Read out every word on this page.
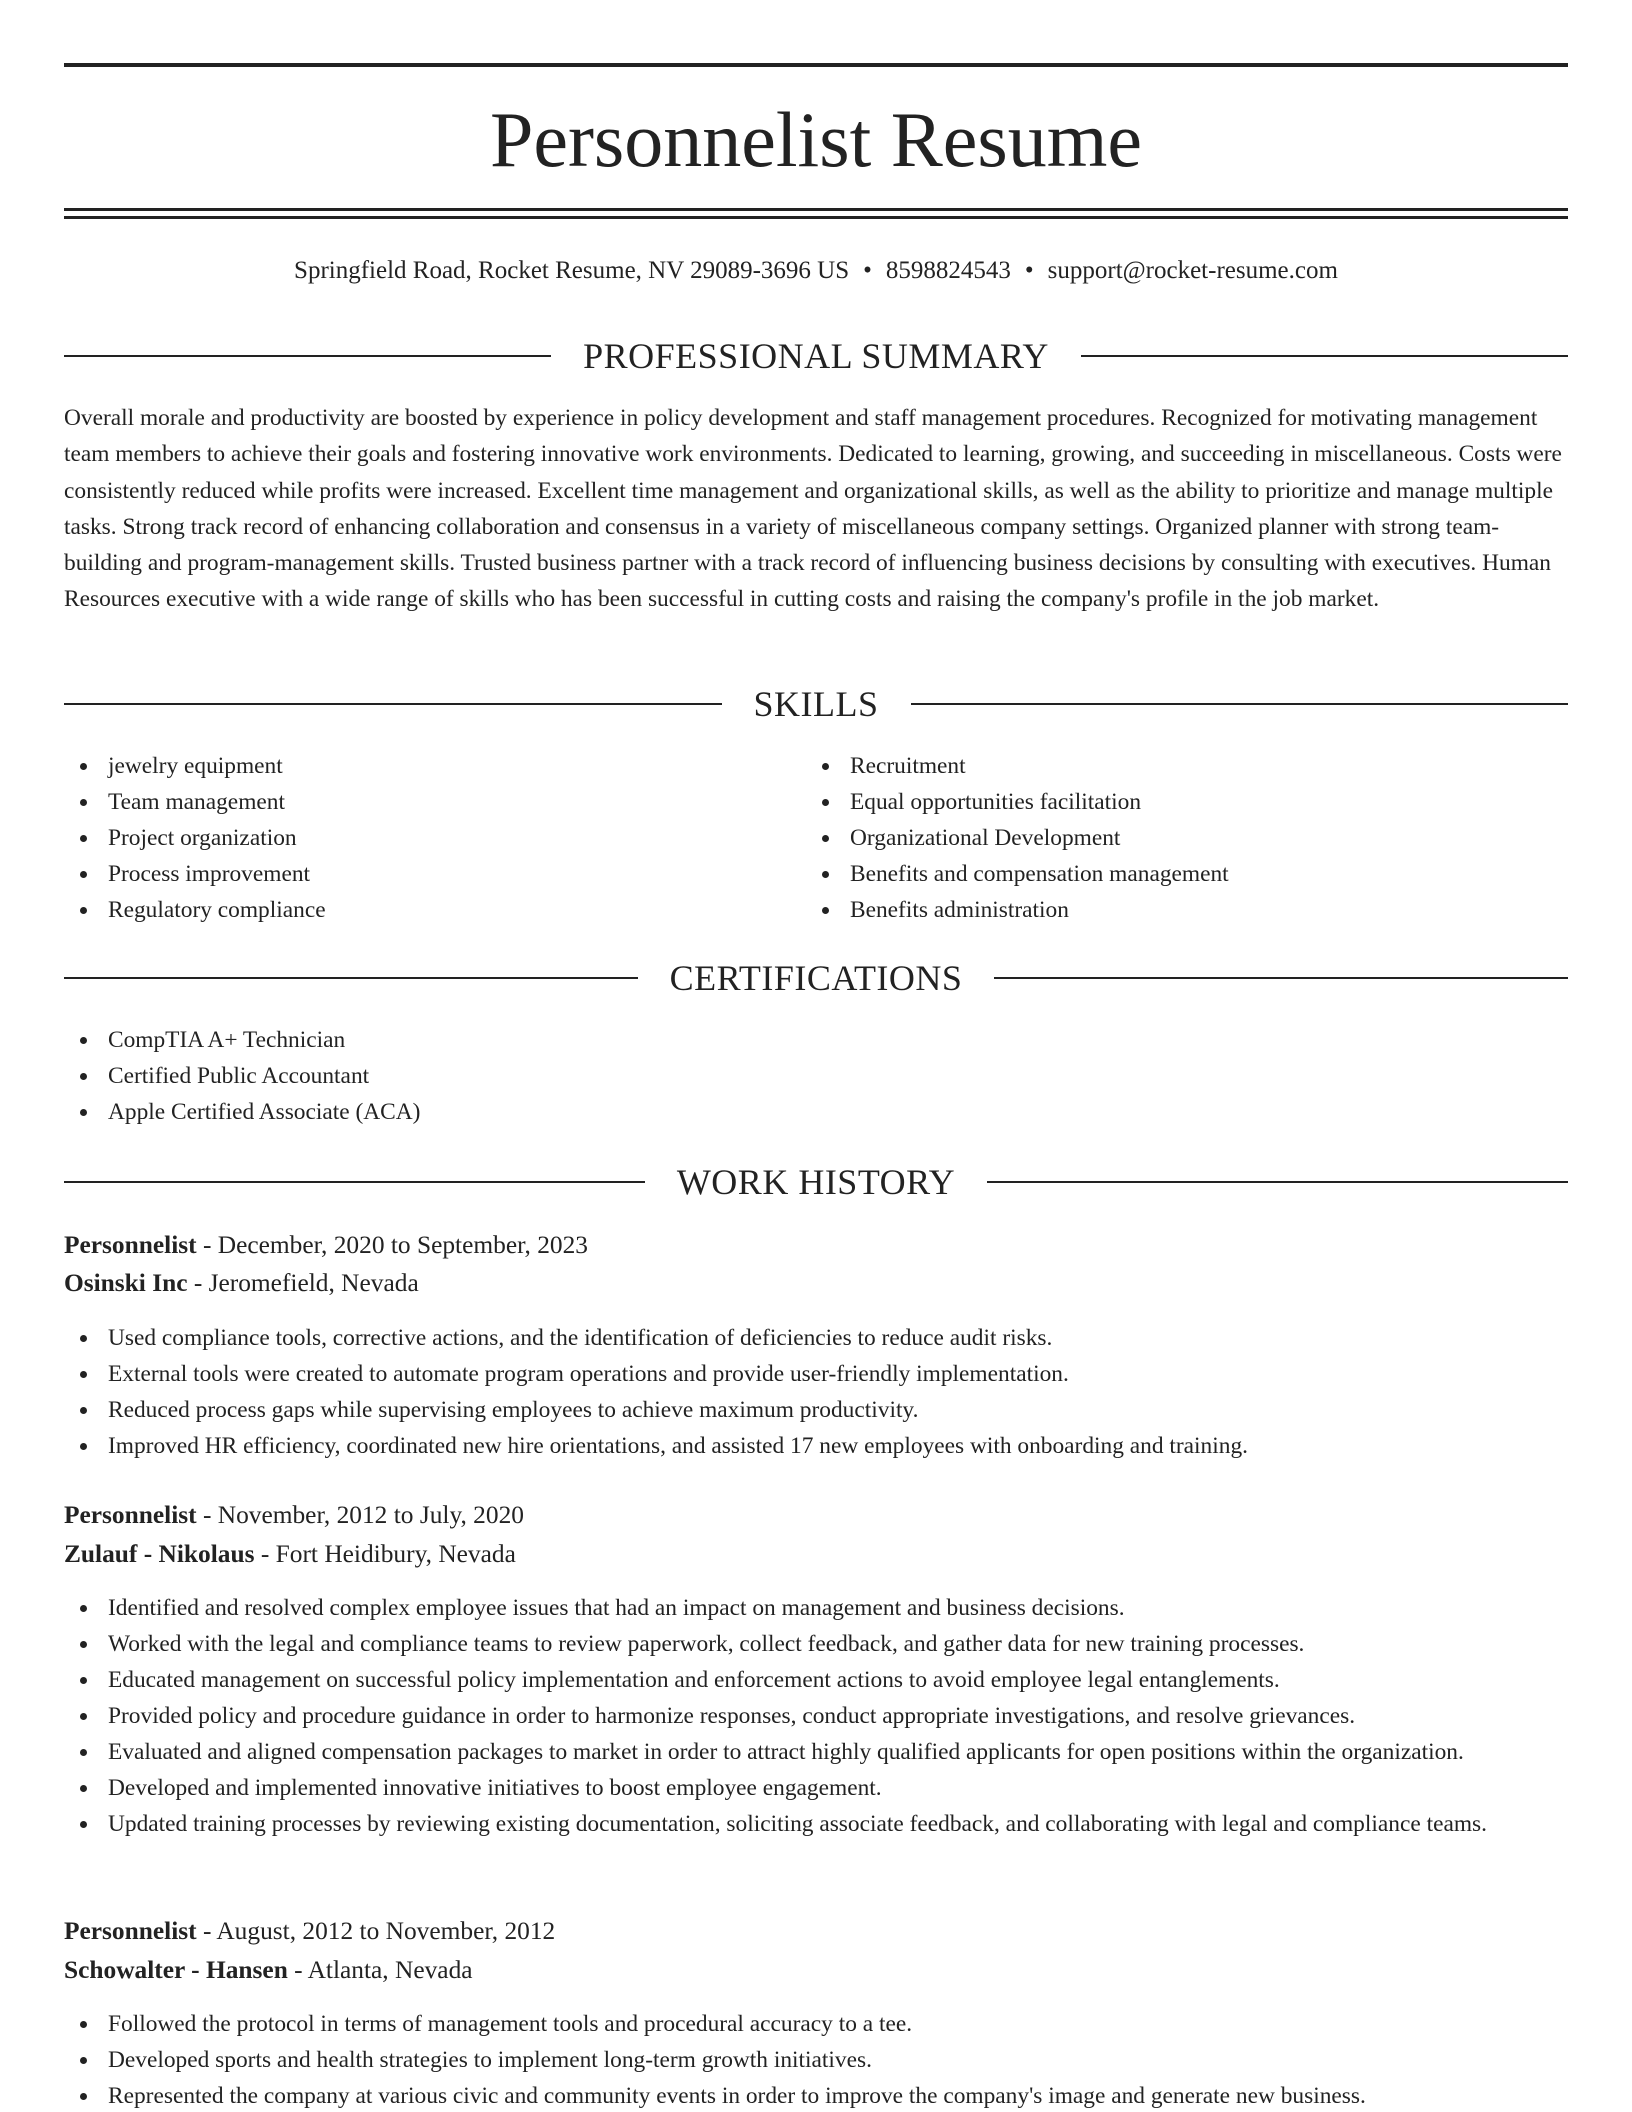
Personnelist Resume
Springfield Road, Rocket Resume, NV 29089-3696 US • 8598824543 • support@rocket-resume.com
PROFESSIONAL SUMMARY

Overall morale and productivity are boosted by experience in policy development and staff management procedures. Recognized for motivating management team members to achieve their goals and fostering innovative work environments. Dedicated to learning, growing, and succeeding in miscellaneous. Costs were consistently reduced while profits were increased. Excellent time management and organizational skills, as well as the ability to prioritize and manage multiple tasks. Strong track record of enhancing collaboration and consensus in a variety of miscellaneous company settings. Organized planner with strong team-building and program-management skills. Trusted business partner with a track record of influencing business decisions by consulting with executives. Human Resources executive with a wide range of skills who has been successful in cutting costs and raising the company's profile in the job market.

SKILLS
jewelry equipment
Team management
Project organization
Process improvement
Regulatory compliance
Recruitment
Equal opportunities facilitation
Organizational Development
Benefits and compensation management
Benefits administration
CERTIFICATIONS
CompTIA A+ Technician
Certified Public Accountant
Apple Certified Associate (ACA)
WORK HISTORY
Personnelist - December, 2020 to September, 2023
Osinski Inc - Jeromefield, Nevada
Used compliance tools, corrective actions, and the identification of deficiencies to reduce audit risks.
External tools were created to automate program operations and provide user-friendly implementation.
Reduced process gaps while supervising employees to achieve maximum productivity.
Improved HR efficiency, coordinated new hire orientations, and assisted 17 new employees with onboarding and training.
Personnelist - November, 2012 to July, 2020
Zulauf - Nikolaus - Fort Heidibury, Nevada
Identified and resolved complex employee issues that had an impact on management and business decisions.
Worked with the legal and compliance teams to review paperwork, collect feedback, and gather data for new training processes.
Educated management on successful policy implementation and enforcement actions to avoid employee legal entanglements.
Provided policy and procedure guidance in order to harmonize responses, conduct appropriate investigations, and resolve grievances.
Evaluated and aligned compensation packages to market in order to attract highly qualified applicants for open positions within the organization.
Developed and implemented innovative initiatives to boost employee engagement.
Updated training processes by reviewing existing documentation, soliciting associate feedback, and collaborating with legal and compliance teams.
Personnelist - August, 2012 to November, 2012
Schowalter - Hansen - Atlanta, Nevada
Followed the protocol in terms of management tools and procedural accuracy to a tee.
Developed sports and health strategies to implement long-term growth initiatives.
Represented the company at various civic and community events in order to improve the company's image and generate new business.
